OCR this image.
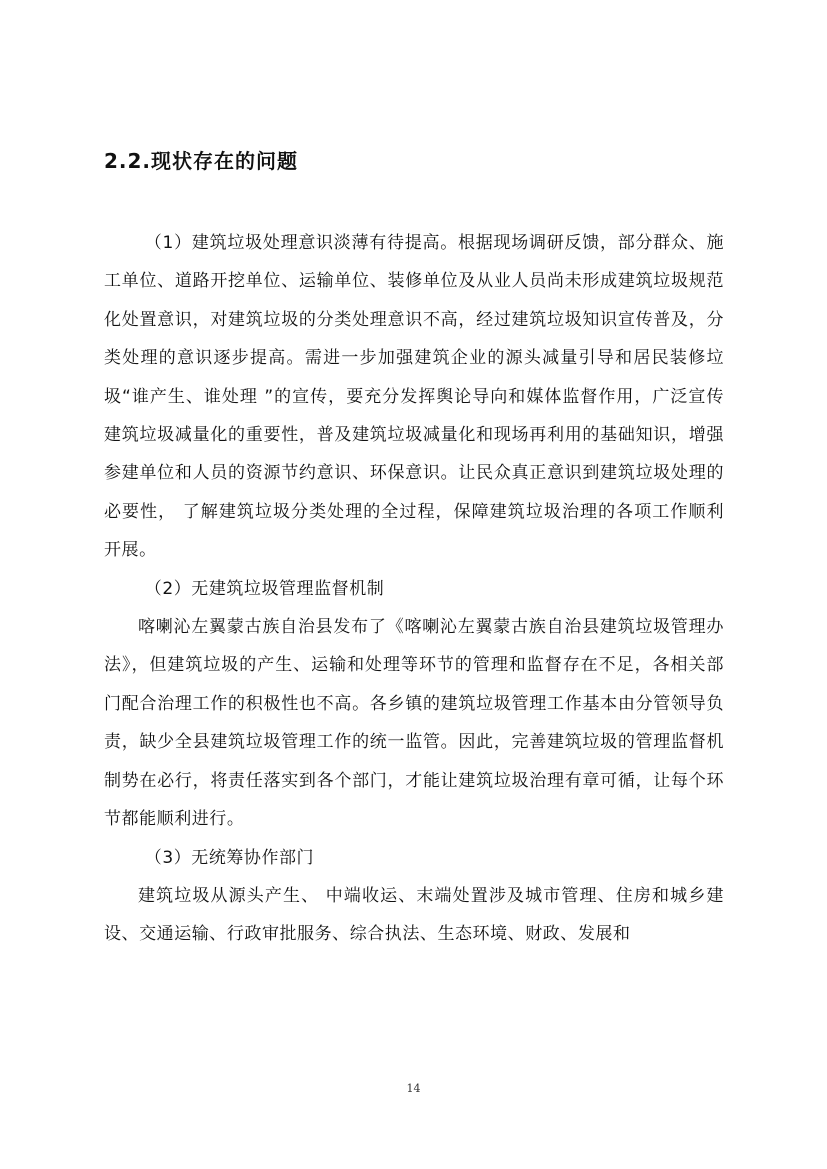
2.2.现状存在的问题

（1）建筑垃圾处理意识淡薄有待提高。根据现场调研反馈，部分群众、施工单位、道路开挖单位、运输单位、装修单位及从业人员尚未形成建筑垃圾规范化处置意识，对建筑垃圾的分类处理意识不高，经过建筑垃圾知识宣传普及，分类处理的意识逐步提高。需进一步加强建筑企业的源头减量引导和居民装修垃圾“谁产生、谁处理 ”的宣传，要充分发挥舆论导向和媒体监督作用，广泛宣传建筑垃圾减量化的重要性，普及建筑垃圾减量化和现场再利用的基础知识，增强参建单位和人员的资源节约意识、环保意识。让民众真正意识到建筑垃圾处理的必要性， 了解建筑垃圾分类处理的全过程，保障建筑垃圾治理的各项工作顺利开展。

（2）无建筑垃圾管理监督机制

喀喇沁左翼蒙古族自治县发布了《喀喇沁左翼蒙古族自治县建筑垃圾管理办法》，但建筑垃圾的产生、运输和处理等环节的管理和监督存在不足，各相关部门配合治理工作的积极性也不高。各乡镇的建筑垃圾管理工作基本由分管领导负责，缺少全县建筑垃圾管理工作的统一监管。因此，完善建筑垃圾的管理监督机制势在必行，将责任落实到各个部门，才能让建筑垃圾治理有章可循，让每个环节都能顺利进行。

（3）无统筹协作部门

建筑垃圾从源头产生、 中端收运、末端处置涉及城市管理、住房和城乡建设、交通运输、行政审批服务、综合执法、生态环境、财政、发展和

14
